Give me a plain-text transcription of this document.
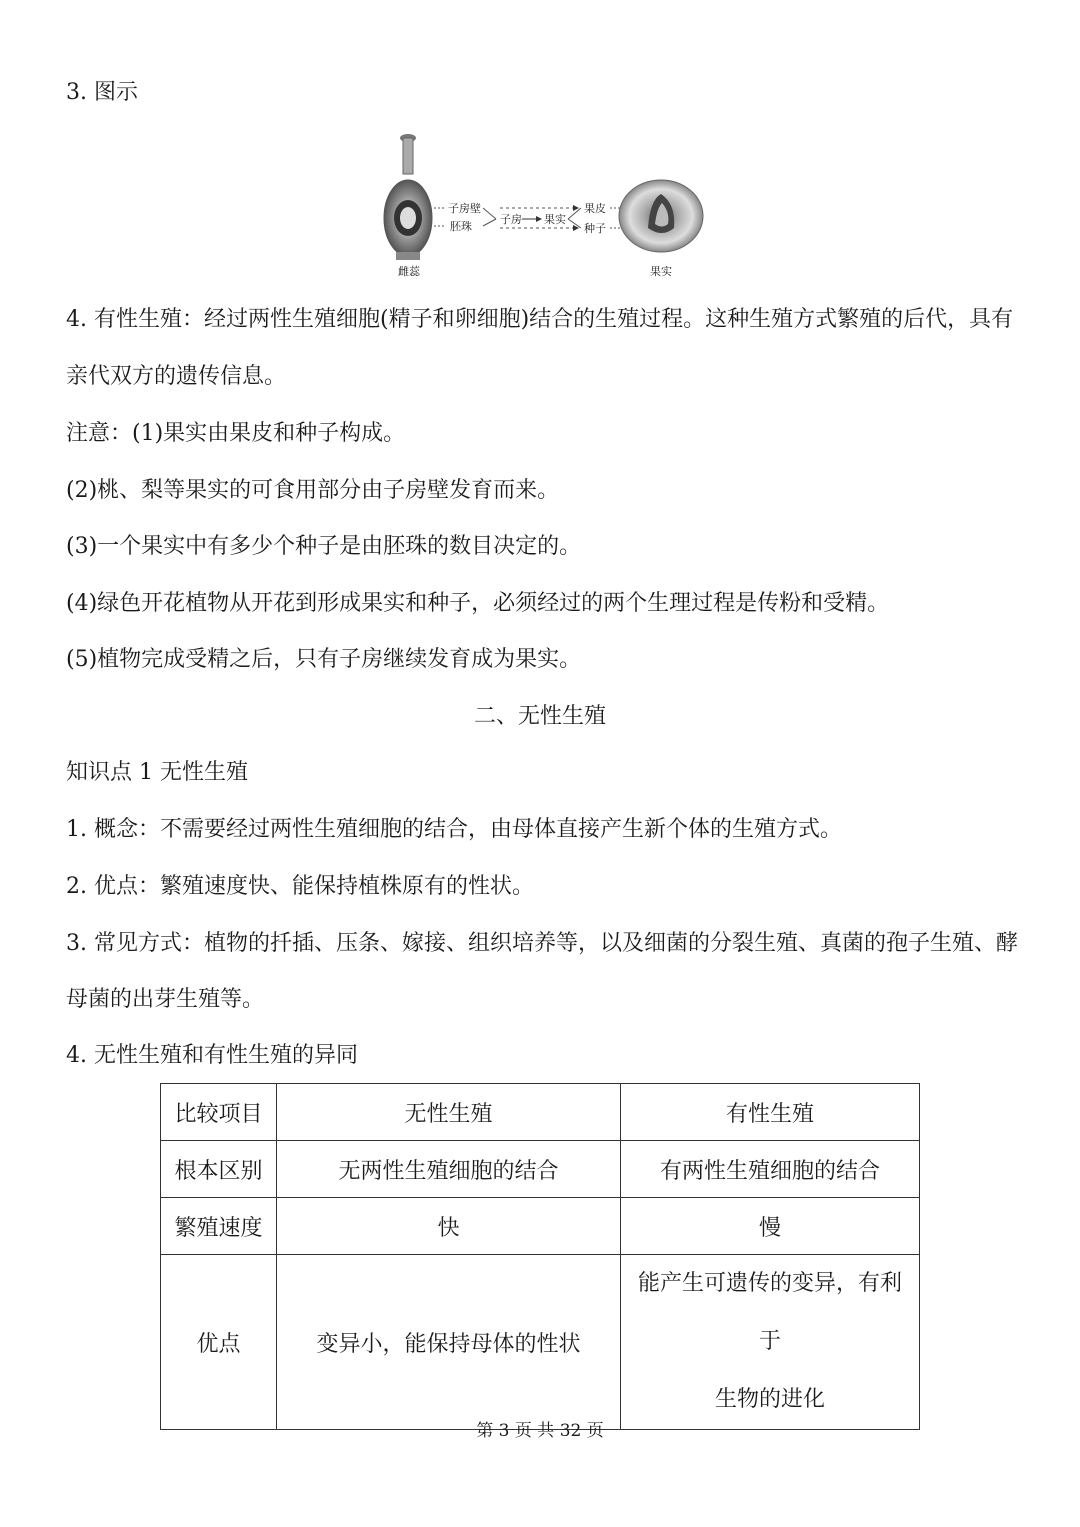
3. 图示
雌蕊
子房壁
胚珠
子房 果实
果皮
种子
果实
4. 有性生殖：经过两性生殖细胞(精子和卵细胞)结合的生殖过程。这种生殖方式繁殖的后代，具有
亲代双方的遗传信息。
注意：(1)果实由果皮和种子构成。
(2)桃、梨等果实的可食用部分由子房壁发育而来。
(3)一个果实中有多少个种子是由胚珠的数目决定的。
(4)绿色开花植物从开花到形成果实和种子，必须经过的两个生理过程是传粉和受精。
(5)植物完成受精之后，只有子房继续发育成为果实。
二、无性生殖
知识点 1 无性生殖
1. 概念：不需要经过两性生殖细胞的结合，由母体直接产生新个体的生殖方式。
2. 优点：繁殖速度快、能保持植株原有的性状。
3. 常见方式：植物的扦插、压条、嫁接、组织培养等，以及细菌的分裂生殖、真菌的孢子生殖、酵
母菌的出芽生殖等。
4. 无性生殖和有性生殖的异同
比较项目	无性生殖	有性生殖
根本区别	无两性生殖细胞的结合	有两性生殖细胞的结合
繁殖速度	快	慢
优点	变异小，能保持母体的性状	能产生可遗传的变异，有利于
生物的进化
第 3 页 共 32 页
